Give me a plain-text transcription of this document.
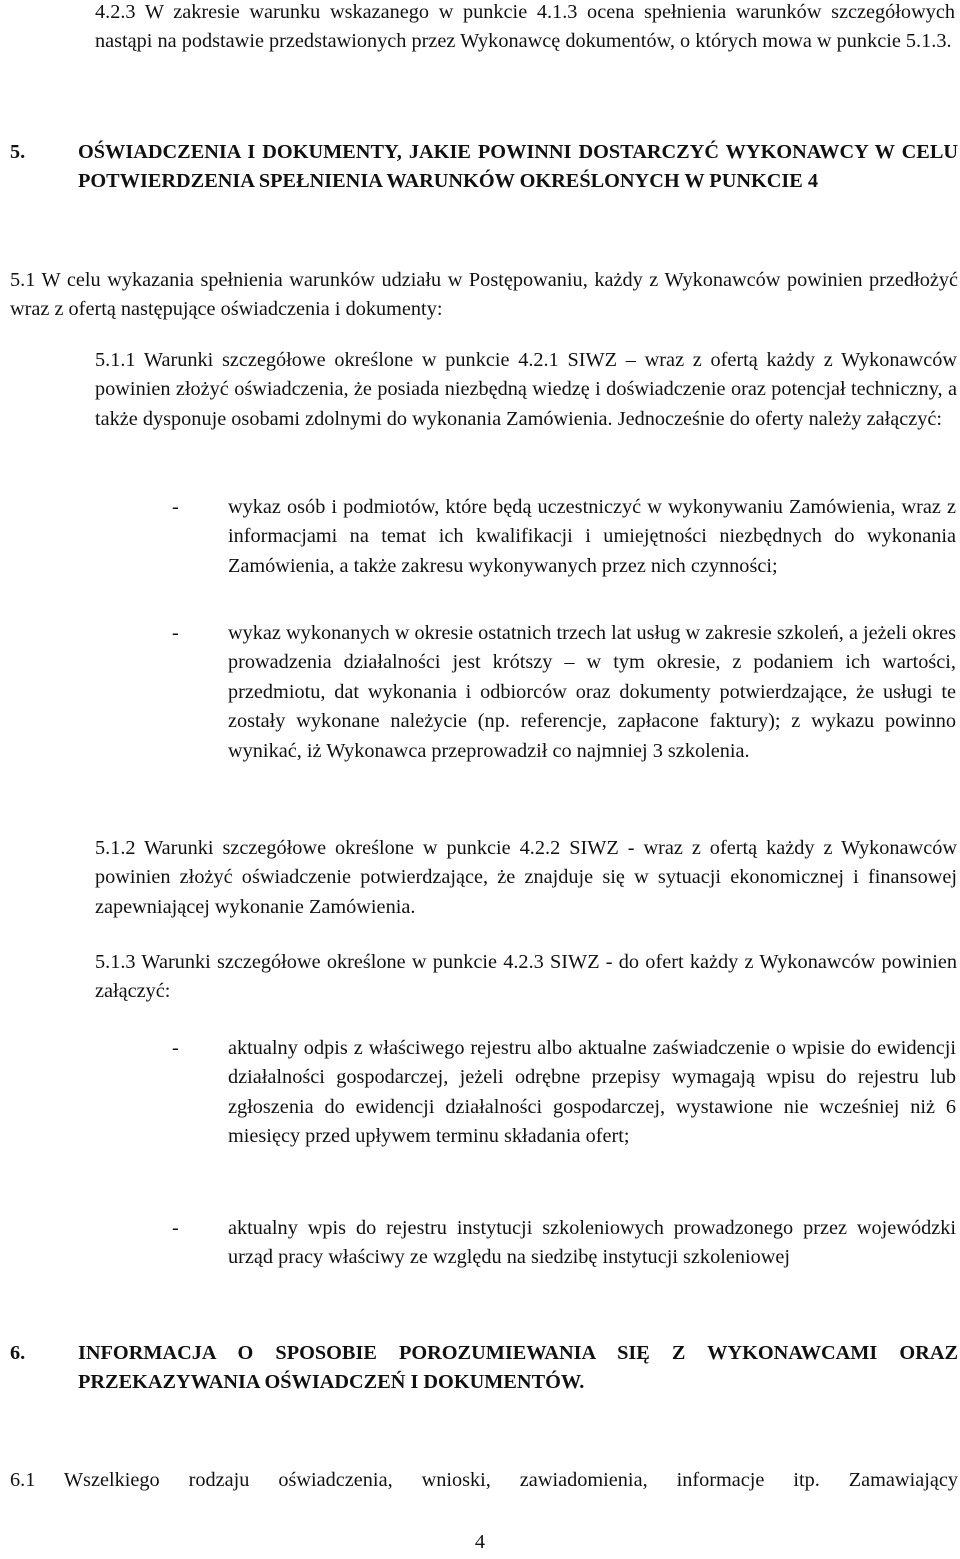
4.2.3 W zakresie warunku wskazanego w punkcie 4.1.3 ocena spełnienia warunków szczegółowych nastąpi na podstawie przedstawionych przez Wykonawcę dokumentów, o których mowa w punkcie 5.1.3.

5.	OŚWIADCZENIA I DOKUMENTY, JAKIE POWINNI DOSTARCZYĆ WYKONAWCY W CELU POTWIERDZENIA SPEŁNIENIA WARUNKÓW OKREŚLONYCH W PUNKCIE 4

5.1 W celu wykazania spełnienia warunków udziału w Postępowaniu, każdy z Wykonawców powinien przedłożyć wraz z ofertą następujące oświadczenia i dokumenty:

5.1.1 Warunki szczegółowe określone w punkcie 4.2.1 SIWZ – wraz z ofertą każdy z Wykonawców powinien złożyć oświadczenia, że posiada niezbędną wiedzę i doświadczenie oraz potencjał techniczny, a także dysponuje osobami zdolnymi do wykonania Zamówienia. Jednocześnie do oferty należy załączyć:

- wykaz osób i podmiotów, które będą uczestniczyć w wykonywaniu Zamówienia, wraz z informacjami na temat ich kwalifikacji i umiejętności niezbędnych do wykonania Zamówienia, a także zakresu wykonywanych przez nich czynności;

- wykaz wykonanych w okresie ostatnich trzech lat usług w zakresie szkoleń, a jeżeli okres prowadzenia działalności jest krótszy – w tym okresie, z podaniem ich wartości, przedmiotu, dat wykonania i odbiorców oraz dokumenty potwierdzające, że usługi te zostały wykonane należycie (np. referencje, zapłacone faktury); z wykazu powinno wynikać, iż Wykonawca przeprowadził co najmniej 3 szkolenia.

5.1.2 Warunki szczegółowe określone w punkcie 4.2.2 SIWZ - wraz z ofertą każdy z Wykonawców powinien złożyć oświadczenie potwierdzające, że znajduje się w sytuacji ekonomicznej i finansowej zapewniającej wykonanie Zamówienia.

5.1.3 Warunki szczegółowe określone w punkcie 4.2.3 SIWZ - do ofert każdy z Wykonawców powinien załączyć:

- aktualny odpis z właściwego rejestru albo aktualne zaświadczenie o wpisie do ewidencji działalności gospodarczej, jeżeli odrębne przepisy wymagają wpisu do rejestru lub zgłoszenia do ewidencji działalności gospodarczej, wystawione nie wcześniej niż 6 miesięcy przed upływem terminu składania ofert;

- aktualny wpis do rejestru instytucji szkoleniowych prowadzonego przez wojewódzki urząd pracy właściwy ze względu na siedzibę instytucji szkoleniowej

6.	INFORMACJA O SPOSOBIE POROZUMIEWANIA SIĘ Z WYKONAWCAMI ORAZ PRZEKAZYWANIA OŚWIADCZEŃ I DOKUMENTÓW.

6.1 Wszelkiego rodzaju oświadczenia, wnioski, zawiadomienia, informacje itp. Zamawiający

4
